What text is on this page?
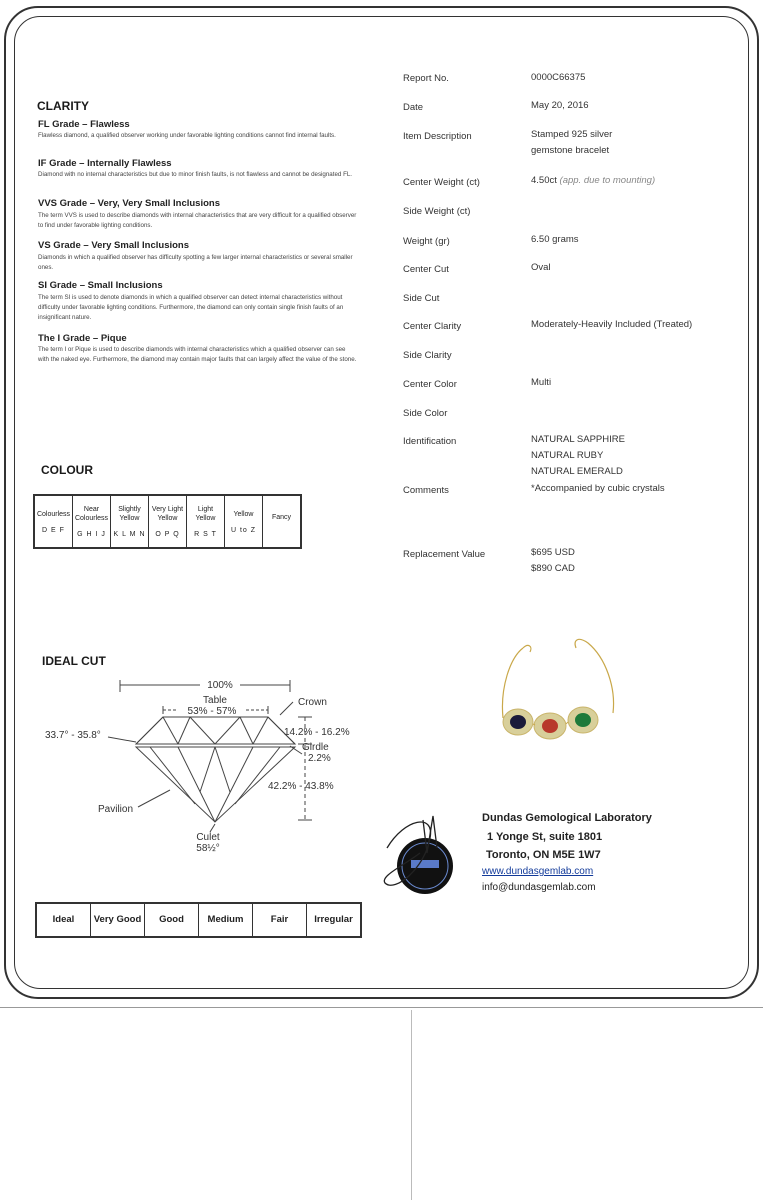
CLARITY
FL Grade – Flawless
Flawless diamond, a qualified observer working under favorable lighting conditions cannot find internal faults.
IF Grade – Internally Flawless
Diamond with no internal characteristics but due to minor finish faults, is not flawless and cannot be designated FL.
VVS Grade – Very, Very Small Inclusions
The term VVS is used to describe diamonds with internal characteristics that are very difficult for a qualified observer to find under favorable lighting conditions.
VS Grade – Very Small Inclusions
Diamonds in which a qualified observer has difficulty spotting a few larger internal characteristics or several smaller ones.
SI Grade – Small Inclusions
The term SI is used to denote diamonds in which a qualified observer can detect internal characteristics without difficulty under favorable lighting conditions. Furthermore, the diamond can only contain single finish faults of an insignificant nature.
The I Grade – Pique
The term I or Pique is used to describe diamonds with internal characteristics which a qualified observer can see with the naked eye. Furthermore, the diamond may contain major faults that can largely affect the value of the stone.
COLOUR
Colourless
D E F

Near Colourless
G H I J

Slightly Yellow
K L M N

Very Light Yellow
O P Q

Light Yellow
R S T

Yellow
U to Z

Fancy
IDEAL CUT
100%
Table
53% - 57%
Crown
33.7° - 35.8°	14.2% - 16.2%
Girdle
2.2%
42.2% - 43.8%
Pavilion
Culet
58½°
Ideal	Very Good	Good	Medium	Fair	Irregular
Report No.	0000C66375
Date	May 20, 2016
Item Description	Stamped 925 silver
gemstone bracelet
Center Weight (ct)	4.50ct (app. due to mounting)
Side Weight (ct)
Weight (gr)	6.50 grams
Center Cut	Oval
Side Cut
Center Clarity	Moderately-Heavily Included (Treated)
Side Clarity
Center Color	Multi
Side Color
Identification	NATURAL SAPPHIRE
NATURAL RUBY
NATURAL EMERALD
Comments	*Accompanied by cubic crystals
Replacement Value	$695 USD
$890 CAD
Dundas Gemological Laboratory
1 Yonge St, suite 1801
Toronto, ON M5E 1W7
www.dundasgemlab.com
info@dundasgemlab.com
